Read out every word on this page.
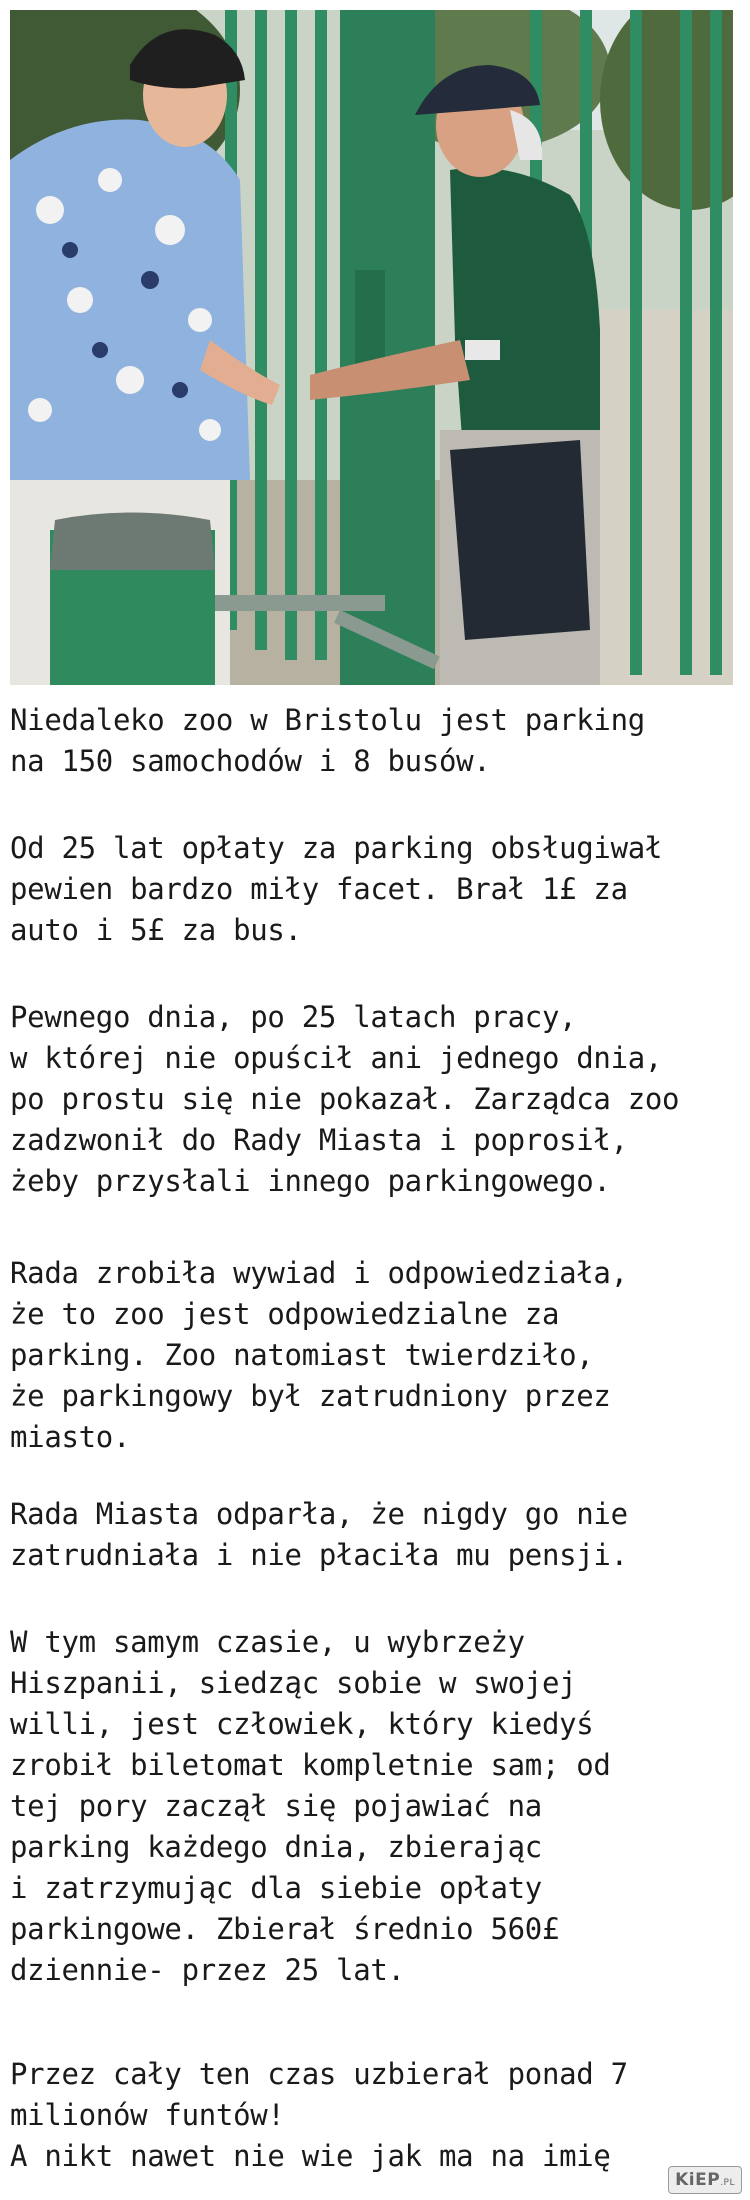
Niedaleko zoo w Bristolu jest parking
na 150 samochodów i 8 busów.

Od 25 lat opłaty za parking obsługiwał
pewien bardzo miły facet. Brał 1£ za
auto i 5£ za bus.

Pewnego dnia, po 25 latach pracy,
w której nie opuścił ani jednego dnia,
po prostu się nie pokazał. Zarządca zoo
zadzwonił do Rady Miasta i poprosił,
żeby przysłali innego parkingowego.

Rada zrobiła wywiad i odpowiedziała,
że to zoo jest odpowiedzialne za
parking. Zoo natomiast twierdziło,
że parkingowy był zatrudniony przez
miasto.

Rada Miasta odparła, że nigdy go nie
zatrudniała i nie płaciła mu pensji.

W tym samym czasie, u wybrzeży
Hiszpanii, siedząc sobie w swojej
willi, jest człowiek, który kiedyś
zrobił biletomat kompletnie sam; od
tej pory zaczął się pojawiać na
parking każdego dnia, zbierając
i zatrzymując dla siebie opłaty
parkingowe. Zbierał średnio 560£
dziennie- przez 25 lat.

Przez cały ten czas uzbierał ponad 7
milionów funtów!
A nikt nawet nie wie jak ma na imię

KiEP.PL
